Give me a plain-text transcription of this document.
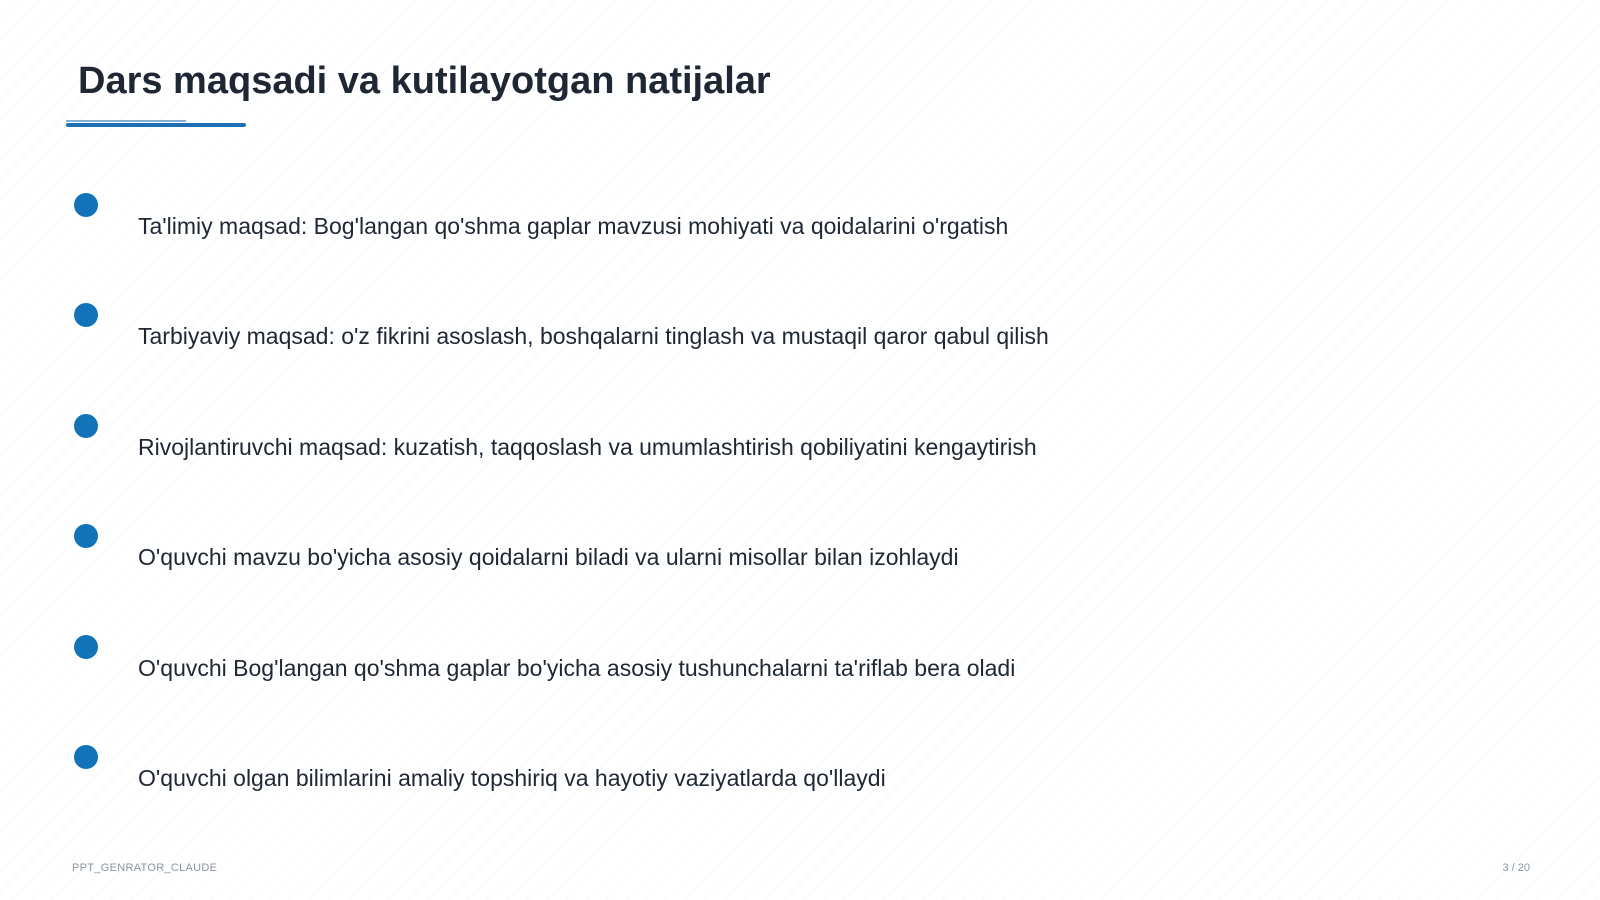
Dars maqsadi va kutilayotgan natijalar
Ta'limiy maqsad: Bog'langan qo'shma gaplar mavzusi mohiyati va qoidalarini o'rgatish
Tarbiyaviy maqsad: o'z fikrini asoslash, boshqalarni tinglash va mustaqil qaror qabul qilish
Rivojlantiruvchi maqsad: kuzatish, taqqoslash va umumlashtirish qobiliyatini kengaytirish
O'quvchi mavzu bo'yicha asosiy qoidalarni biladi va ularni misollar bilan izohlaydi
O'quvchi Bog'langan qo'shma gaplar bo'yicha asosiy tushunchalarni ta'riflab bera oladi
O'quvchi olgan bilimlarini amaliy topshiriq va hayotiy vaziyatlarda qo'llaydi
PPT_GENRATOR_CLAUDE	3 / 20
